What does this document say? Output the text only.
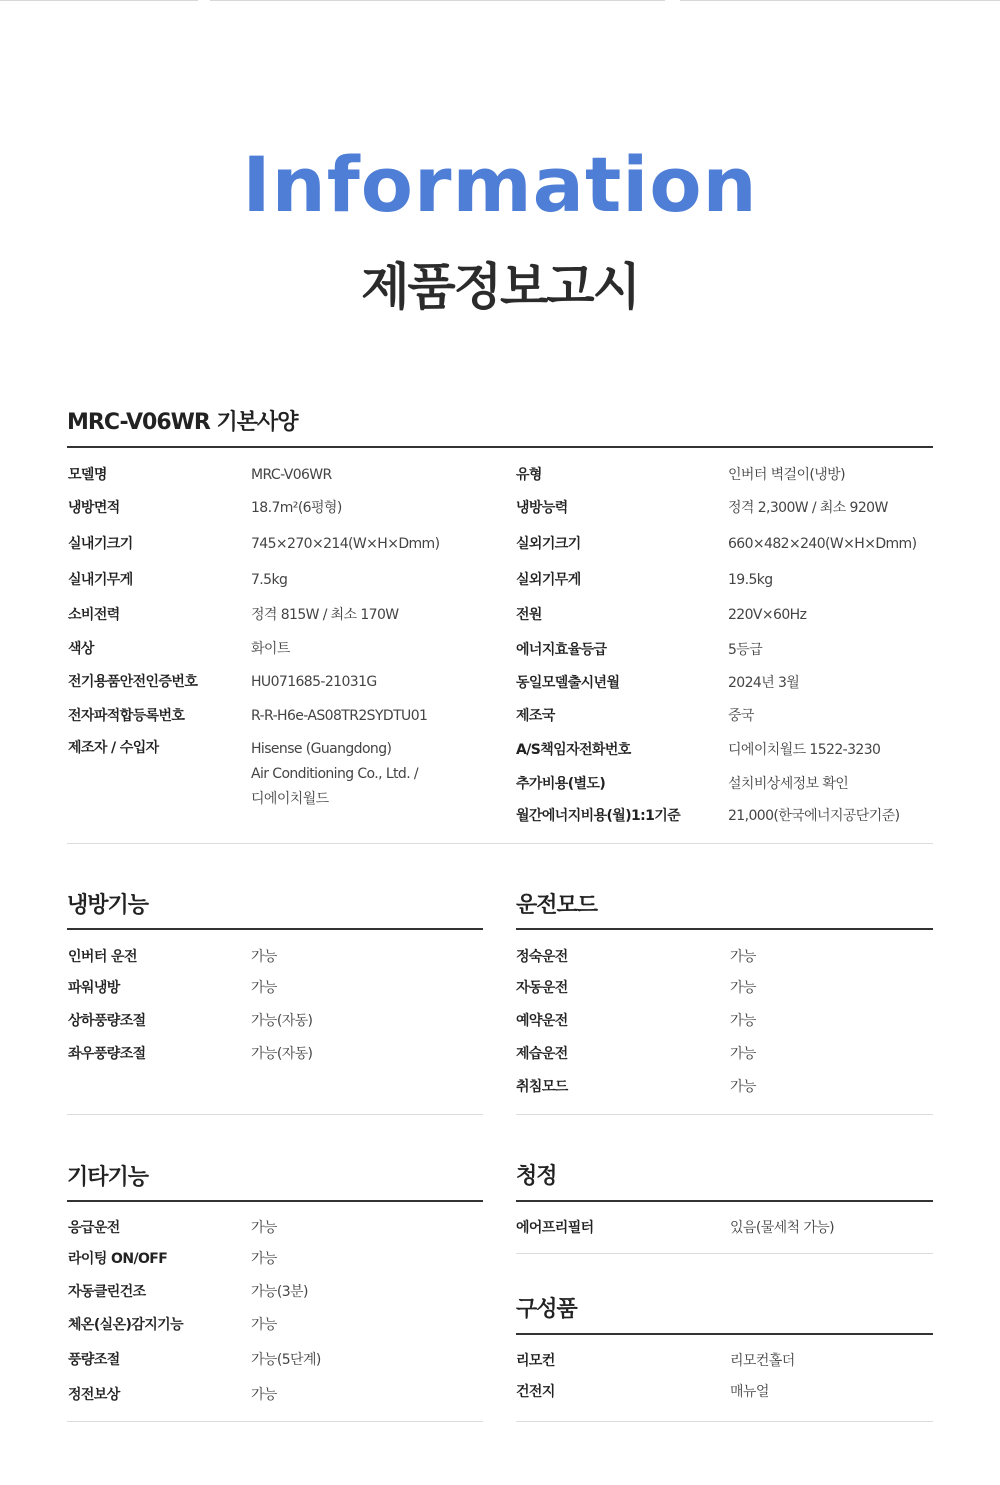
Information
제품정보고시
MRC-V06WR 기본사양
모델명	MRC-V06WR
냉방면적	18.7m²(6평형)
실내기크기	745×270×214(W×H×Dmm)
실내기무게	7.5kg
소비전력	정격 815W / 최소 170W
색상	화이트
전기용품안전인증번호	HU071685-21031G
전자파적합등록번호	R-R-H6e-AS08TR2SYDTU01
제조자 / 수입자	Hisense (Guangdong)
Air Conditioning Co., Ltd. /
디에이치월드
유형	인버터 벽걸이(냉방)
냉방능력	정격 2,300W / 최소 920W
실외기크기	660×482×240(W×H×Dmm)
실외기무게	19.5kg
전원	220V×60Hz
에너지효율등급	5등급
동일모델출시년월	2024년 3월
제조국	중국
A/S책임자전화번호	디에이치월드 1522-3230
추가비용(별도)	설치비상세정보 확인
월간에너지비용(월)1:1기준	21,000(한국에너지공단기준)
냉방기능
인버터 운전	가능
파워냉방	가능
상하풍량조절	가능(자동)
좌우풍량조절	가능(자동)
운전모드
정숙운전	가능
자동운전	가능
예약운전	가능
제습운전	가능
취침모드	가능
기타기능
응급운전	가능
라이팅 ON/OFF	가능
자동클린건조	가능(3분)
체온(실온)감지기능	가능
풍량조절	가능(5단계)
정전보상	가능
청정
에어프리필터	있음(물세척 가능)
구성품
리모컨	리모컨홀더
건전지	매뉴얼
